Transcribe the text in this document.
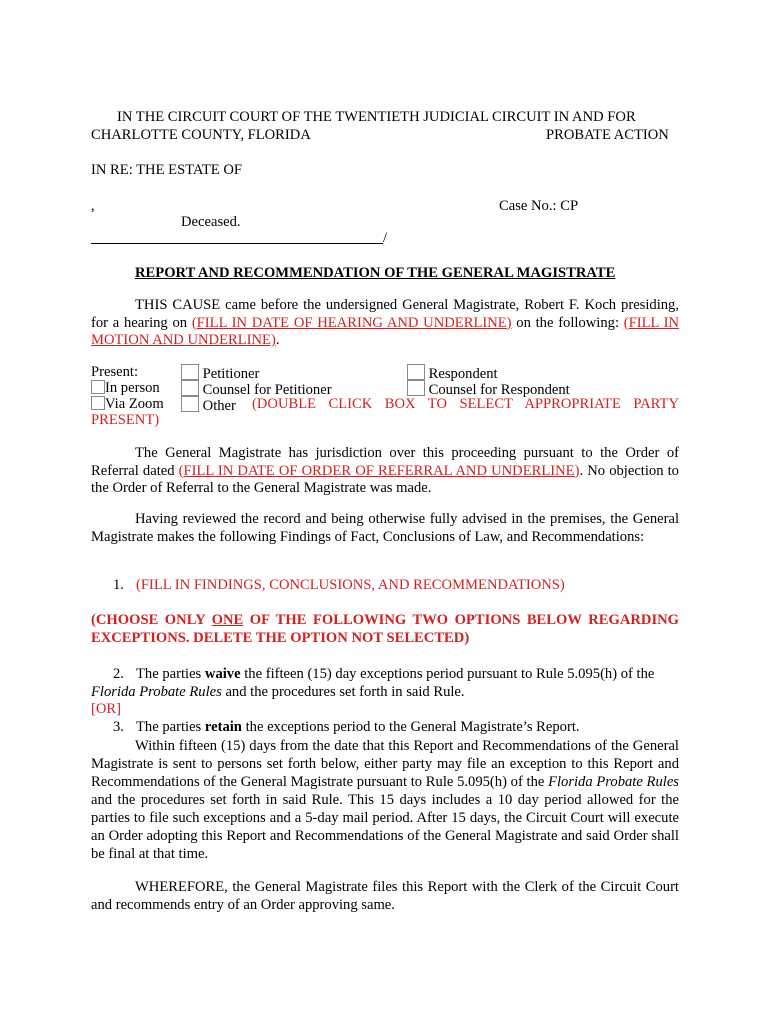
IN THE CIRCUIT COURT OF THE TWENTIETH JUDICIAL CIRCUIT IN AND FOR
CHARLOTTE COUNTY, FLORIDA	PROBATE ACTION
IN RE: THE ESTATE OF
,	Case No.: CP
Deceased.
/
REPORT AND RECOMMENDATION OF THE GENERAL MAGISTRATE
THIS CAUSE came before the undersigned General Magistrate, Robert F. Koch presiding, for a hearing on (FILL IN DATE OF HEARING AND UNDERLINE) on the following: (FILL IN MOTION AND UNDERLINE).
Present:
In person
Via Zoom
Petitioner
Counsel for Petitioner
Other
Respondent
Counsel for Respondent
(DOUBLE CLICK BOX TO SELECT APPROPRIATE PARTY
PRESENT)
The General Magistrate has jurisdiction over this proceeding pursuant to the Order of Referral dated (FILL IN DATE OF ORDER OF REFERRAL AND UNDERLINE). No objection to the Order of Referral to the General Magistrate was made.
Having reviewed the record and being otherwise fully advised in the premises, the General Magistrate makes the following Findings of Fact, Conclusions of Law, and Recommendations:
1. (FILL IN FINDINGS, CONCLUSIONS, AND RECOMMENDATIONS)
(CHOOSE ONLY ONE OF THE FOLLOWING TWO OPTIONS BELOW REGARDING EXCEPTIONS. DELETE THE OPTION NOT SELECTED)
2. The parties waive the fifteen (15) day exceptions period pursuant to Rule 5.095(h) of the
Florida Probate Rules and the procedures set forth in said Rule.
[OR]
3. The parties retain the exceptions period to the General Magistrate’s Report.
Within fifteen (15) days from the date that this Report and Recommendations of the General Magistrate is sent to persons set forth below, either party may file an exception to this Report and Recommendations of the General Magistrate pursuant to Rule 5.095(h) of the Florida Probate Rules and the procedures set forth in said Rule. This 15 days includes a 10 day period allowed for the parties to file such exceptions and a 5-day mail period. After 15 days, the Circuit Court will execute an Order adopting this Report and Recommendations of the General Magistrate and said Order shall be final at that time.
WHEREFORE, the General Magistrate files this Report with the Clerk of the Circuit Court and recommends entry of an Order approving same.
